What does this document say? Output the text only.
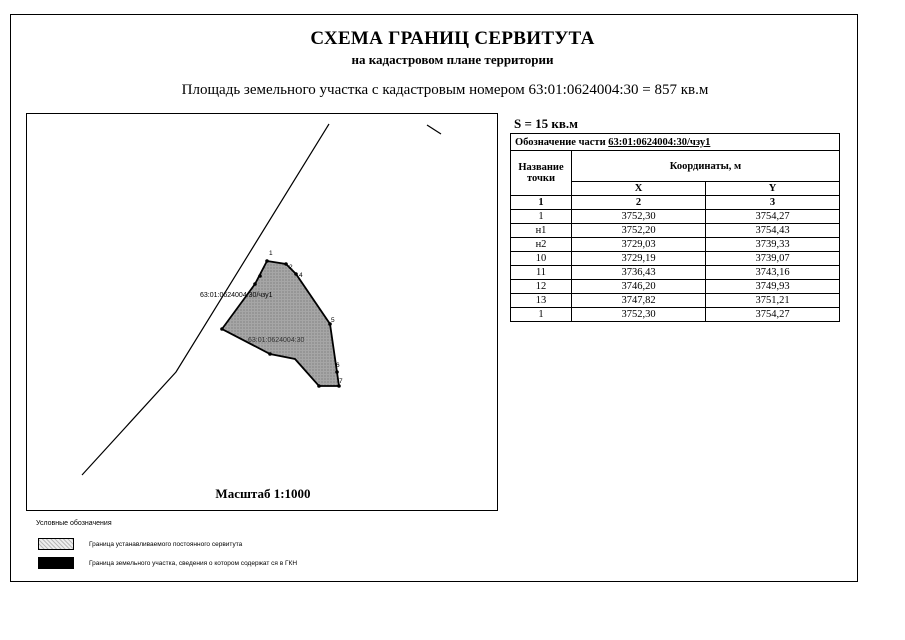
СХЕМА ГРАНИЦ СЕРВИТУТА
на кадастровом плане территории
Площадь земельного участка с кадастровым номером 63:01:0624004:30 = 857 кв.м
1
2
4
5
6
7
63:01:0624004:30/чзу1
63:01:0624004:30
Масштаб 1:1000
S = 15 кв.м
Обозначение части 63:01:0624004:30/чзу1		
Название точки	Координаты, м	
	X	Y
1	2	3
1	3752,30	3754,27
н1	3752,20	3754,43
н2	3729,03	3739,33
10	3729,19	3739,07
11	3736,43	3743,16
12	3746,20	3749,93
13	3747,82	3751,21
1	3752,30	3754,27
Условные обозначения
Граница устанавливаемого постоянного сервитута
Граница земельного участка, сведения о котором содержат ся в ГКН
